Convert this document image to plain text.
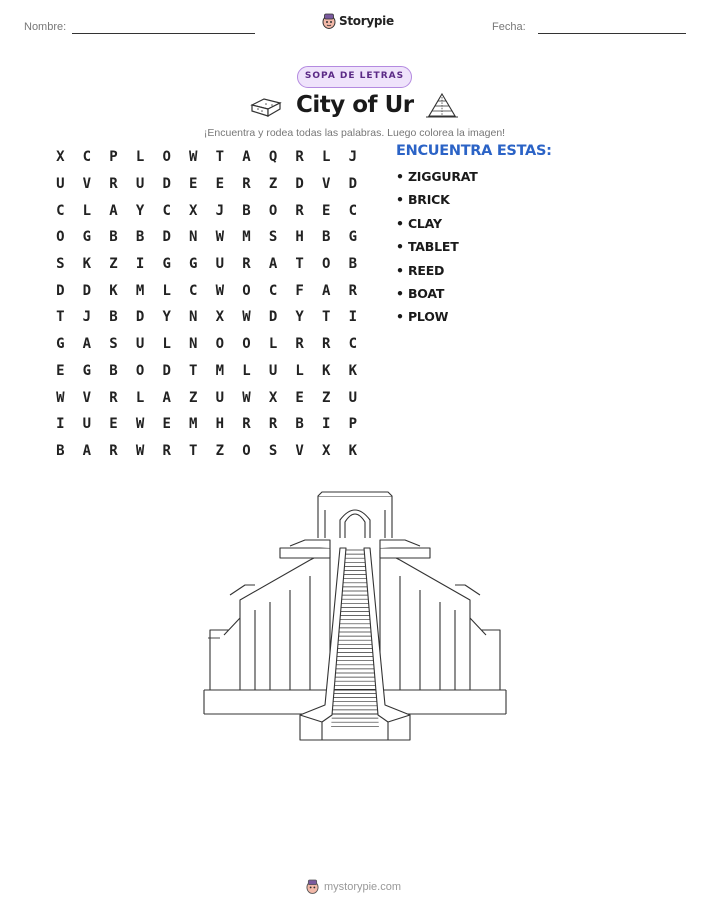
Nombre:	Storypie	Fecha:
SOPA DE LETRAS
City of Ur
¡Encuentra y rodea todas las palabras. Luego colorea la imagen!
X	C	P	L	O	W	T	A	Q	R	L	J
U	V	R	U	D	E	E	R	Z	D	V	D
C	L	A	Y	C	X	J	B	O	R	E	C
O	G	B	B	D	N	W	M	S	H	B	G
S	K	Z	I	G	G	U	R	A	T	O	B
D	D	K	M	L	C	W	O	C	F	A	R
T	J	B	D	Y	N	X	W	D	Y	T	I
G	A	S	U	L	N	O	O	L	R	R	C
E	G	B	O	D	T	M	L	U	L	K	K
W	V	R	L	A	Z	U	W	X	E	Z	U
I	U	E	W	E	M	H	R	R	B	I	P
B	A	R	W	R	T	Z	O	S	V	X	K
ENCUENTRA ESTAS:
• ZIGGURAT
• BRICK
• CLAY
• TABLET
• REED
• BOAT
• PLOW
mystorypie.com
